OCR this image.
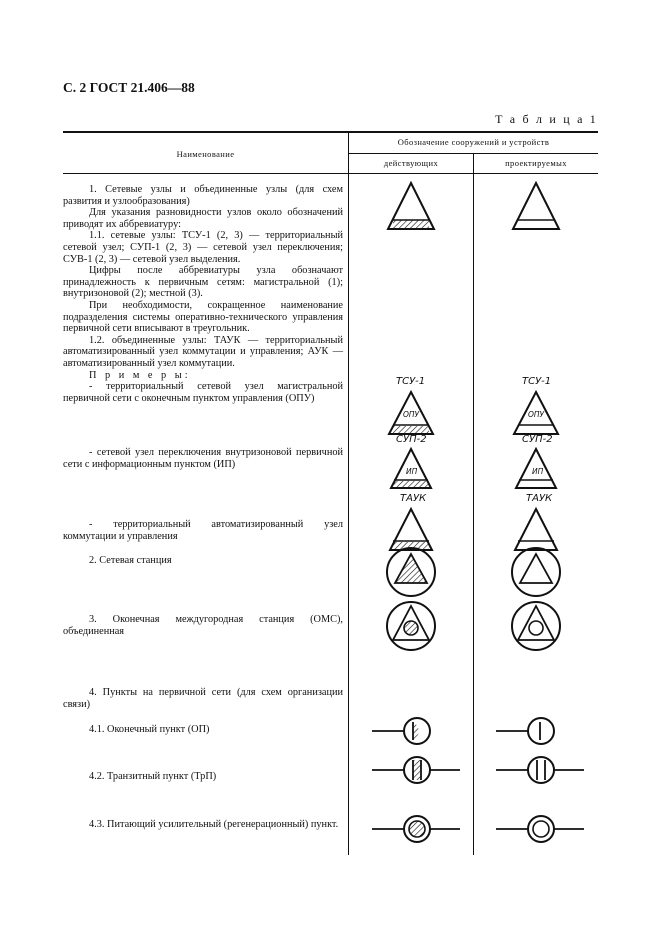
С. 2 ГОСТ 21.406—88
Т а б л и ц а 1
Наименование
Обозначение сооружений и устройств
действующих	проектируемых

1. Сетевые узлы и объединенные узлы (для схем развития и узлообразования)

Для указания разновидности узлов около обозначений приводят их аббревиатуру:

1.1. сетевые узлы: ТСУ-1 (2, 3) — территориальный сетевой узел; СУП-1 (2, 3) — сетевой узел переключения; СУВ-1 (2, 3) — сетевой узел выделения.

Цифры после аббревиатуры узла обозначают принадлежность к первичным сетям: магистральной (1); внутризоновой (2); местной (3).

При необходимости, сокращенное наименование подразделения системы оперативно-технического управления первичной сети вписывают в треугольник.

1.2. объединенные узлы: ТАУК — территориальный автоматизированный узел коммутации и управления; АУК — автоматизированный узел коммутации.

П р и м е р ы:

- территориальный сетевой узел магистральной первичной сети с оконечным пунктом управления (ОПУ)

- сетевой узел переключения внутризоновой первичной сети с информационным пунктом (ИП)

- территориальный автоматизированный узел коммутации и управления

2. Сетевая станция

3. Оконечная междугородная станция (ОМС), объединенная

4. Пункты на первичной сети (для схем организации связи)

4.1. Оконечный пункт (ОП)

4.2. Транзитный пункт (ТрП)

4.3. Питающий усилительный (регенерационный) пункт.

ТСУ-1
ОПУ
ТСУ-1
ОПУ
СУП-2
ИП
СУП-2
ИП
ТАУК	ТАУК
